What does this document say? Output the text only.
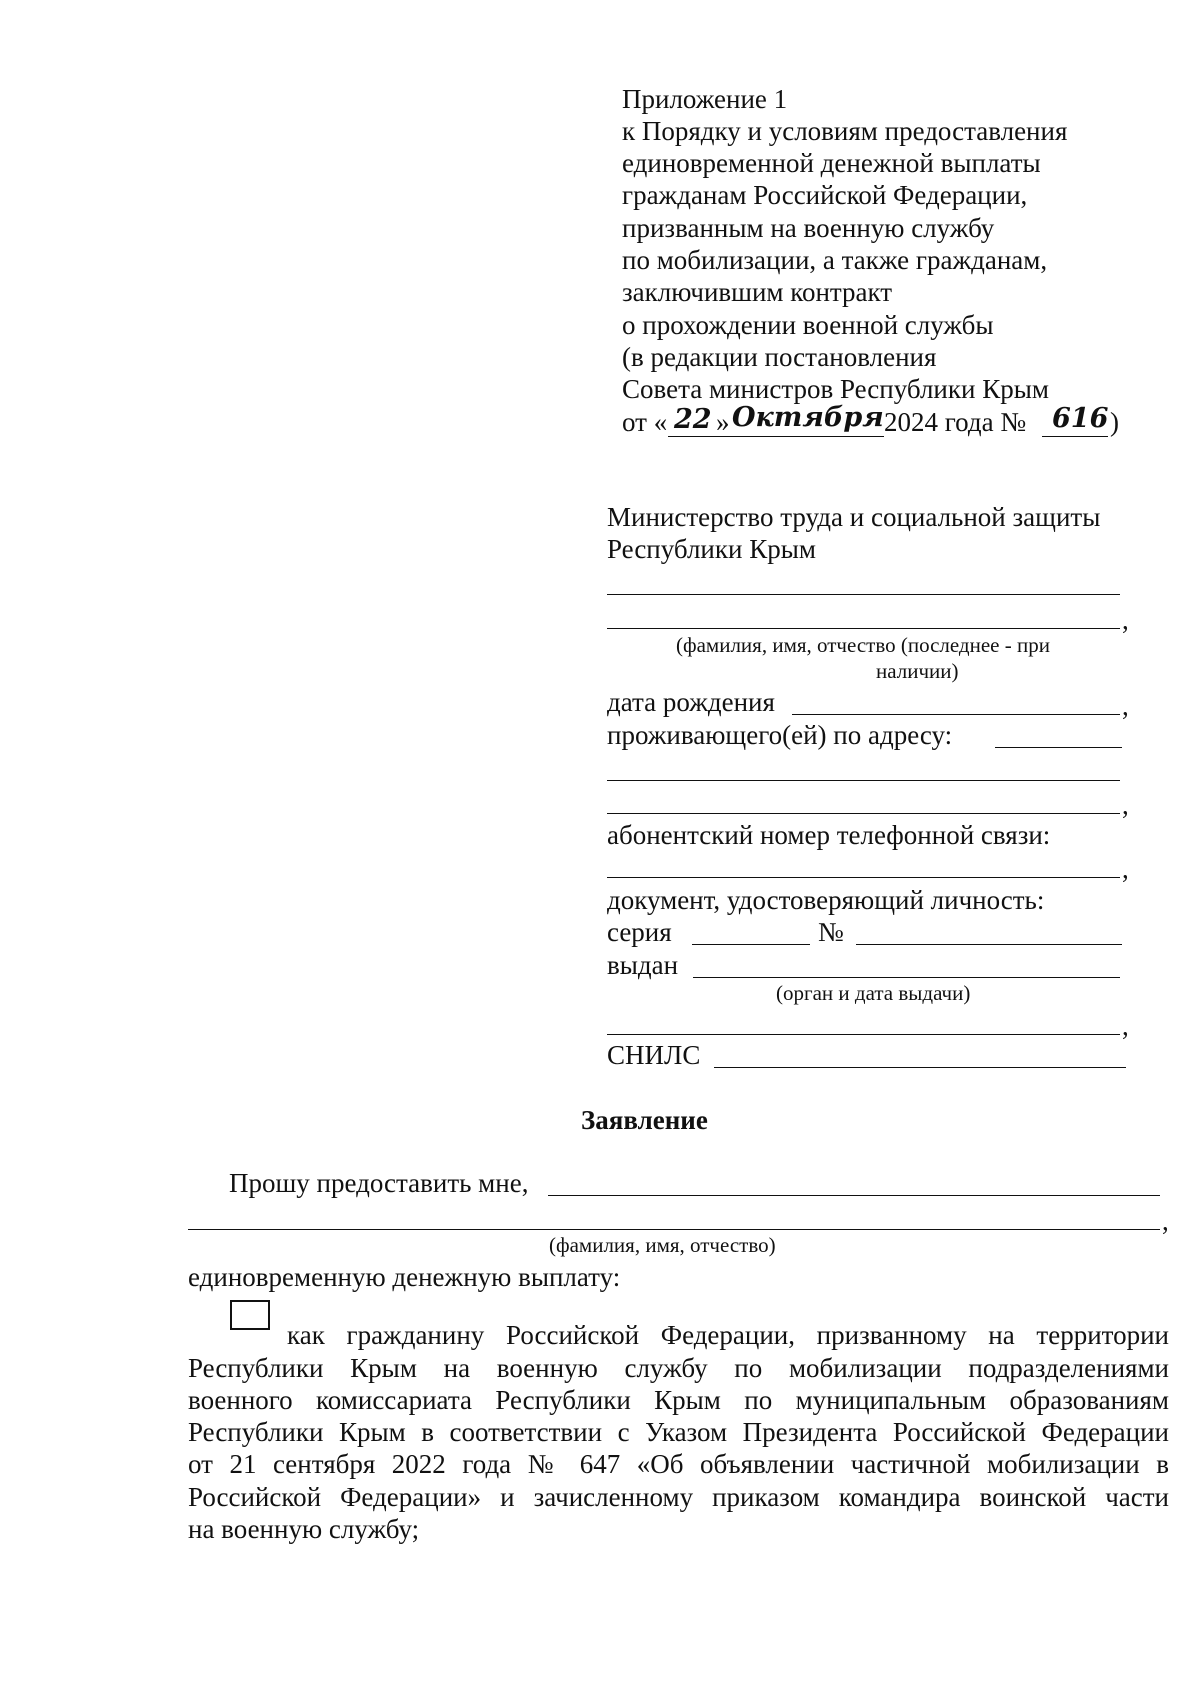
Приложение 1
к Порядку и условиям предоставления
единовременной денежной выплаты
гражданам Российской Федерации,
призванным на военную службу
по мобилизации, а также гражданам,
заключившим контракт
о прохождении военной службы
(в редакции постановления
Совета министров Республики Крым
от « 22 » Октября 2024 года № 616 )
Министерство труда и социальной защиты
Республики Крым
,
(фамилия, имя, отчество (последнее - при
наличии)
дата рождения	,
проживающего(ей) по адресу:
,
абонентский номер телефонной связи:
,
документ, удостоверяющий личность:
серия	№
выдан
(орган и дата выдачи)
,
СНИЛС
Заявление
Прошу предоставить мне,
,
(фамилия, имя, отчество)
единовременную денежную выплату:
как гражданину Российской Федерации, призванному на территории
Республики Крым на военную службу по мобилизации подразделениями
военного комиссариата Республики Крым по муниципальным образованиям
Республики Крым в соответствии с Указом Президента Российской Федерации
от 21 сентября 2022 года № 647 «Об объявлении частичной мобилизации в
Российской Федерации» и зачисленному приказом командира воинской части
на военную службу;
